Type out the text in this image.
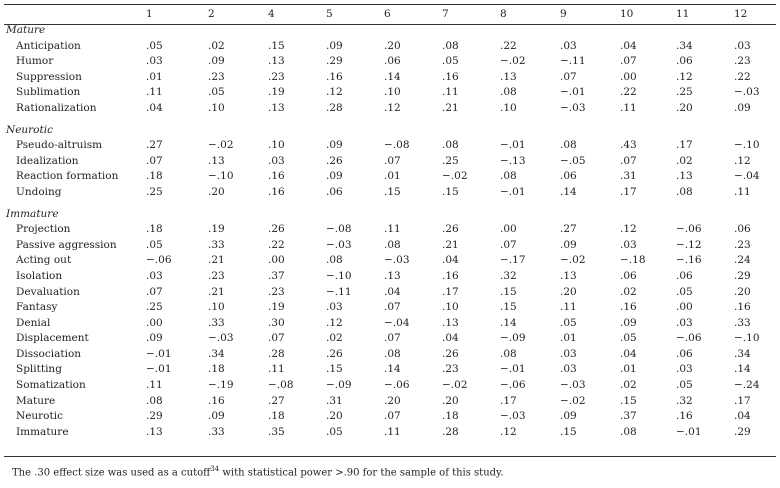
	1	2	4	5	6	7	8	9	10	11	12
Mature											
Anticipation	.05	.02	.15	.09	.20	.08	.22	.03	.04	.34	.03
Humor	.03	.09	.13	.29	.06	.05	−.02	−.11	.07	.06	.23
Suppression	.01	.23	.23	.16	.14	.16	.13	.07	.00	.12	.22
Sublimation	.11	.05	.19	.12	.10	.11	.08	−.01	.22	.25	−.03
Rationalization	.04	.10	.13	.28	.12	.21	.10	−.03	.11	.20	.09

Neurotic											
Pseudo-altruism	.27	−.02	.10	.09	−.08	.08	−.01	.08	.43	.17	−.10
Idealization	.07	.13	.03	.26	.07	.25	−.13	−.05	.07	.02	.12
Reaction formation	.18	−.10	.16	.09	.01	−.02	.08	.06	.31	.13	−.04
Undoing	.25	.20	.16	.06	.15	.15	−.01	.14	.17	.08	.11

Immature											
Projection	.18	.19	.26	−.08	.11	.26	.00	.27	.12	−.06	.06
Passive aggression	.05	.33	.22	−.03	.08	.21	.07	.09	.03	−.12	.23
Acting out	−.06	.21	.00	.08	−.03	.04	−.17	−.02	−.18	−.16	.24
Isolation	.03	.23	.37	−.10	.13	.16	.32	.13	.06	.06	.29
Devaluation	.07	.21	.23	−.11	.04	.17	.15	.20	.02	.05	.20
Fantasy	.25	.10	.19	.03	.07	.10	.15	.11	.16	.00	.16
Denial	.00	.33	.30	.12	−.04	.13	.14	.05	.09	.03	.33
Displacement	.09	−.03	.07	.02	.07	.04	−.09	.01	.05	−.06	−.10
Dissociation	−.01	.34	.28	.26	.08	.26	.08	.03	.04	.06	.34
Splitting	−.01	.18	.11	.15	.14	.23	−.01	.03	.01	.03	.14
Somatization	.11	−.19	−.08	−.09	−.06	−.02	−.06	−.03	.02	.05	−.24
Mature	.08	.16	.27	.31	.20	.20	.17	−.02	.15	.32	.17
Neurotic	.29	.09	.18	.20	.07	.18	−.03	.09	.37	.16	.04
Immature	.13	.33	.35	.05	.11	.28	.12	.15	.08	−.01	.29
The .30 effect size was used as a cutoff$^{34}$ with statistical power >.90 for the sample of this study.
